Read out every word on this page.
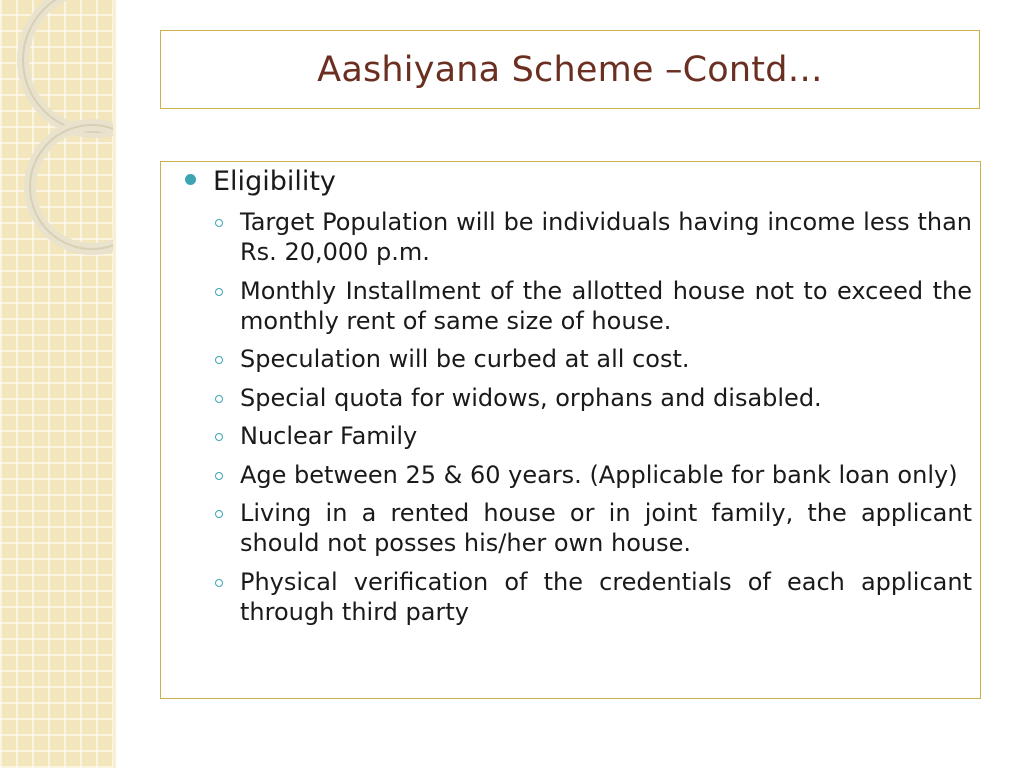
Aashiyana Scheme –Contd…
Eligibility
Target Population will be individuals having income less than Rs. 20,000 p.m.
Monthly Installment of the allotted house not to exceed the monthly rent of same size of house.
Speculation will be curbed at all cost.
Special quota for widows, orphans and disabled.
Nuclear Family
Age between 25 & 60 years. (Applicable for bank loan only)
Living in a rented house or in joint family, the applicant should not posses his/her own house.
Physical verification of the credentials of each applicant through third party
